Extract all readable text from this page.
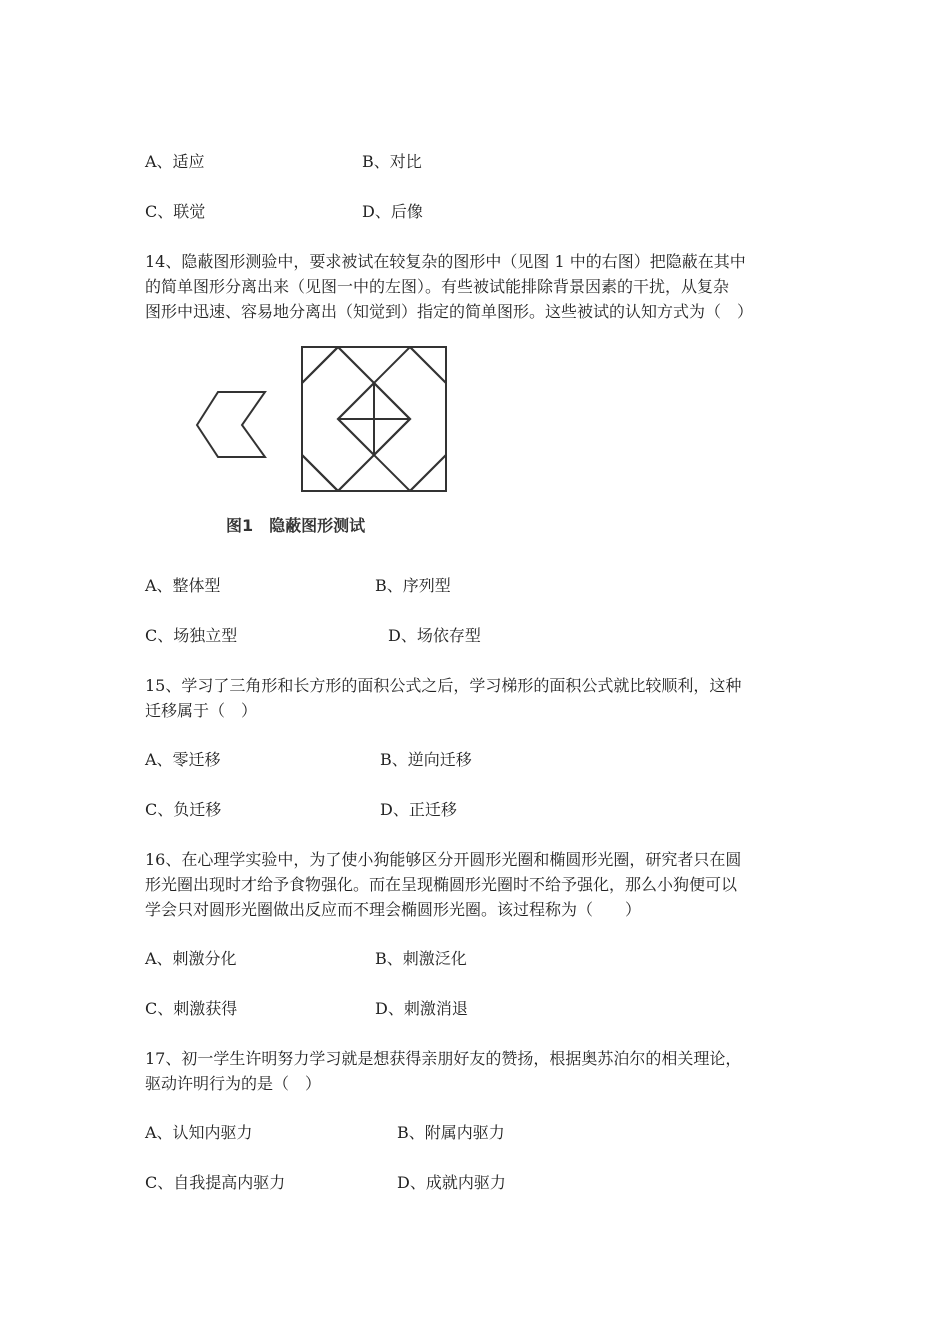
A、适应	B、对比
C、联觉	D、后像
14、隐蔽图形测验中，要求被试在较复杂的图形中（见图 1 中的右图）把隐蔽在其中
的简单图形分离出来（见图一中的左图）。有些被试能排除背景因素的干扰，从复杂
图形中迅速、容易地分离出（知觉到）指定的简单图形。这些被试的认知方式为（　）
图1　隐蔽图形测试
A、整体型	B、序列型
C、场独立型	D、场依存型
15、学习了三角形和长方形的面积公式之后，学习梯形的面积公式就比较顺利，这种
迁移属于（　）
A、零迁移	B、逆向迁移
C、负迁移	D、正迁移
16、在心理学实验中，为了使小狗能够区分开圆形光圈和椭圆形光圈，研究者只在圆
形光圈出现时才给予食物强化。而在呈现椭圆形光圈时不给予强化，那么小狗便可以
学会只对圆形光圈做出反应而不理会椭圆形光圈。该过程称为（　　）
A、刺激分化	B、刺激泛化
C、刺激获得	D、刺激消退
17、初一学生许明努力学习就是想获得亲朋好友的赞扬，根据奥苏泊尔的相关理论，
驱动许明行为的是（　）
A、认知内驱力	B、附属内驱力
C、自我提高内驱力	D、成就内驱力
